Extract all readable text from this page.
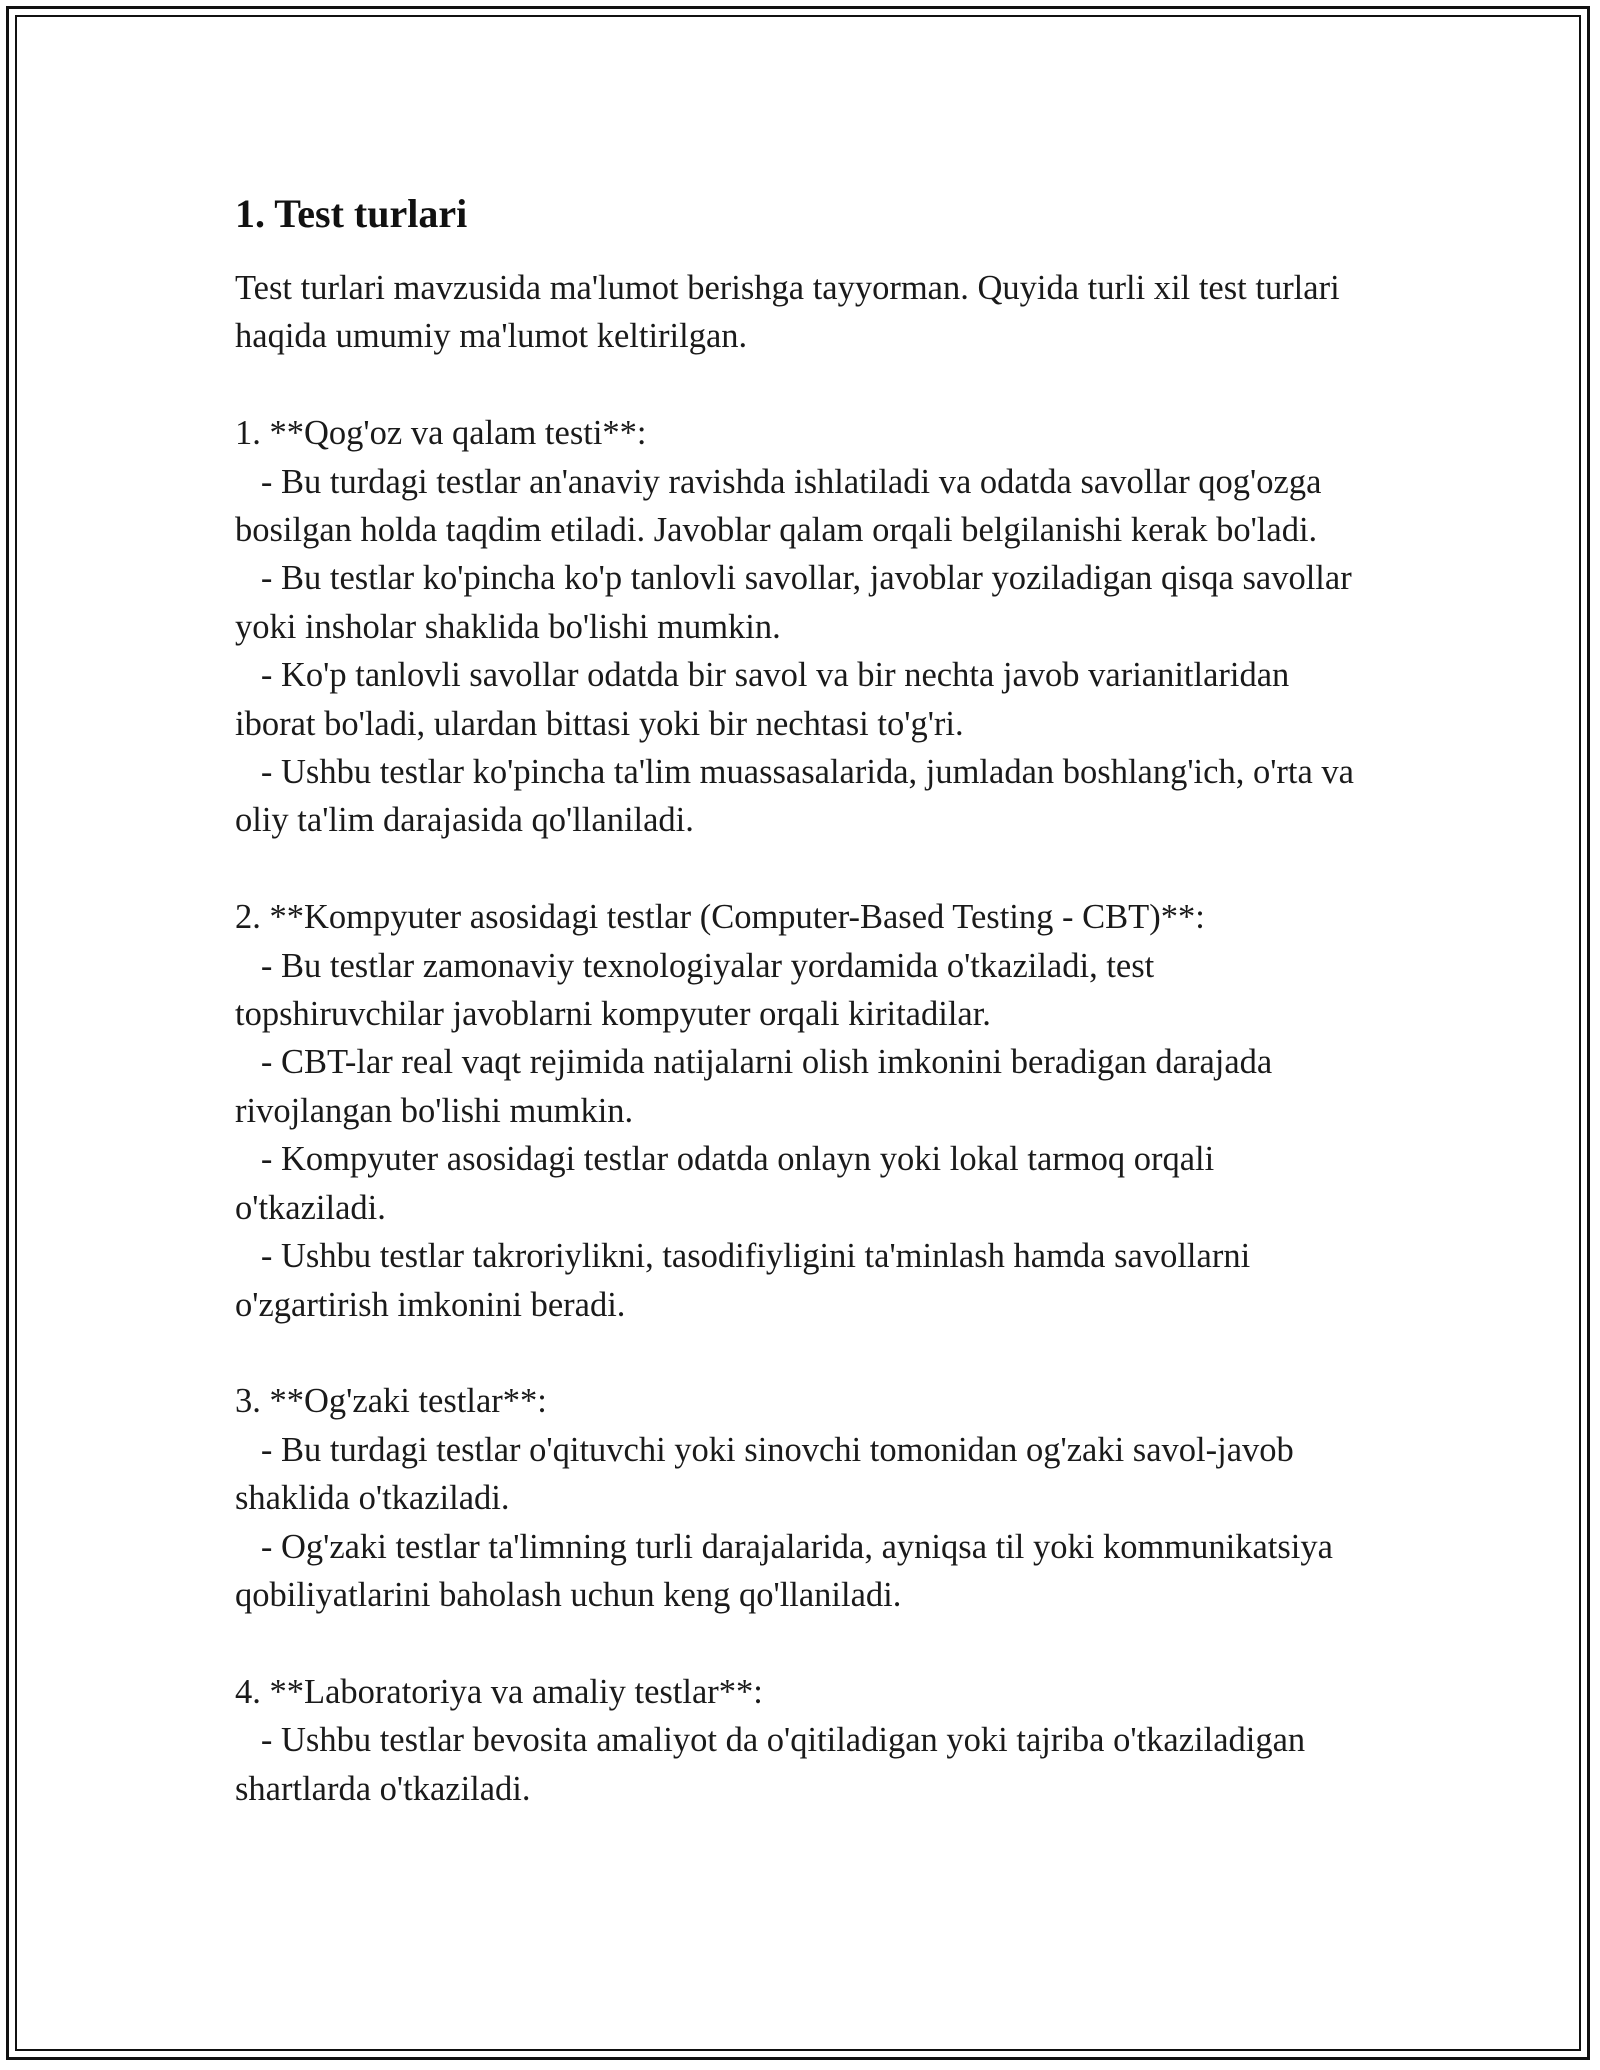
1. Test turlari

Test turlari mavzusida ma'lumot berishga tayyorman. Quyida turli xil test turlari haqida umumiy ma'lumot keltirilgan.

1. **Qog'oz va qalam testi**:

- Bu turdagi testlar an'anaviy ravishda ishlatiladi va odatda savollar qog'ozga bosilgan holda taqdim etiladi. Javoblar qalam orqali belgilanishi kerak bo'ladi.

- Bu testlar ko'pincha ko'p tanlovli savollar, javoblar yoziladigan qisqa savollar yoki insholar shaklida bo'lishi mumkin.

- Ko'p tanlovli savollar odatda bir savol va bir nechta javob varianitlaridan iborat bo'ladi, ulardan bittasi yoki bir nechtasi to'g'ri.

- Ushbu testlar ko'pincha ta'lim muassasalarida, jumladan boshlang'ich, o'rta va oliy ta'lim darajasida qo'llaniladi.

2. **Kompyuter asosidagi testlar (Computer-Based Testing - CBT)**:

- Bu testlar zamonaviy texnologiyalar yordamida o'tkaziladi, test topshiruvchilar javoblarni kompyuter orqali kiritadilar.

- CBT-lar real vaqt rejimida natijalarni olish imkonini beradigan darajada rivojlangan bo'lishi mumkin.

- Kompyuter asosidagi testlar odatda onlayn yoki lokal tarmoq orqali o'tkaziladi.

- Ushbu testlar takroriylikni, tasodifiyligini ta'minlash hamda savollarni o'zgartirish imkonini beradi.

3. **Og'zaki testlar**:

- Bu turdagi testlar o'qituvchi yoki sinovchi tomonidan og'zaki savol-javob shaklida o'tkaziladi.

- Og'zaki testlar ta'limning turli darajalarida, ayniqsa til yoki kommunikatsiya qobiliyatlarini baholash uchun keng qo'llaniladi.

4. **Laboratoriya va amaliy testlar**:

- Ushbu testlar bevosita amaliyot da o'qitiladigan yoki tajriba o'tkaziladigan shartlarda o'tkaziladi.
